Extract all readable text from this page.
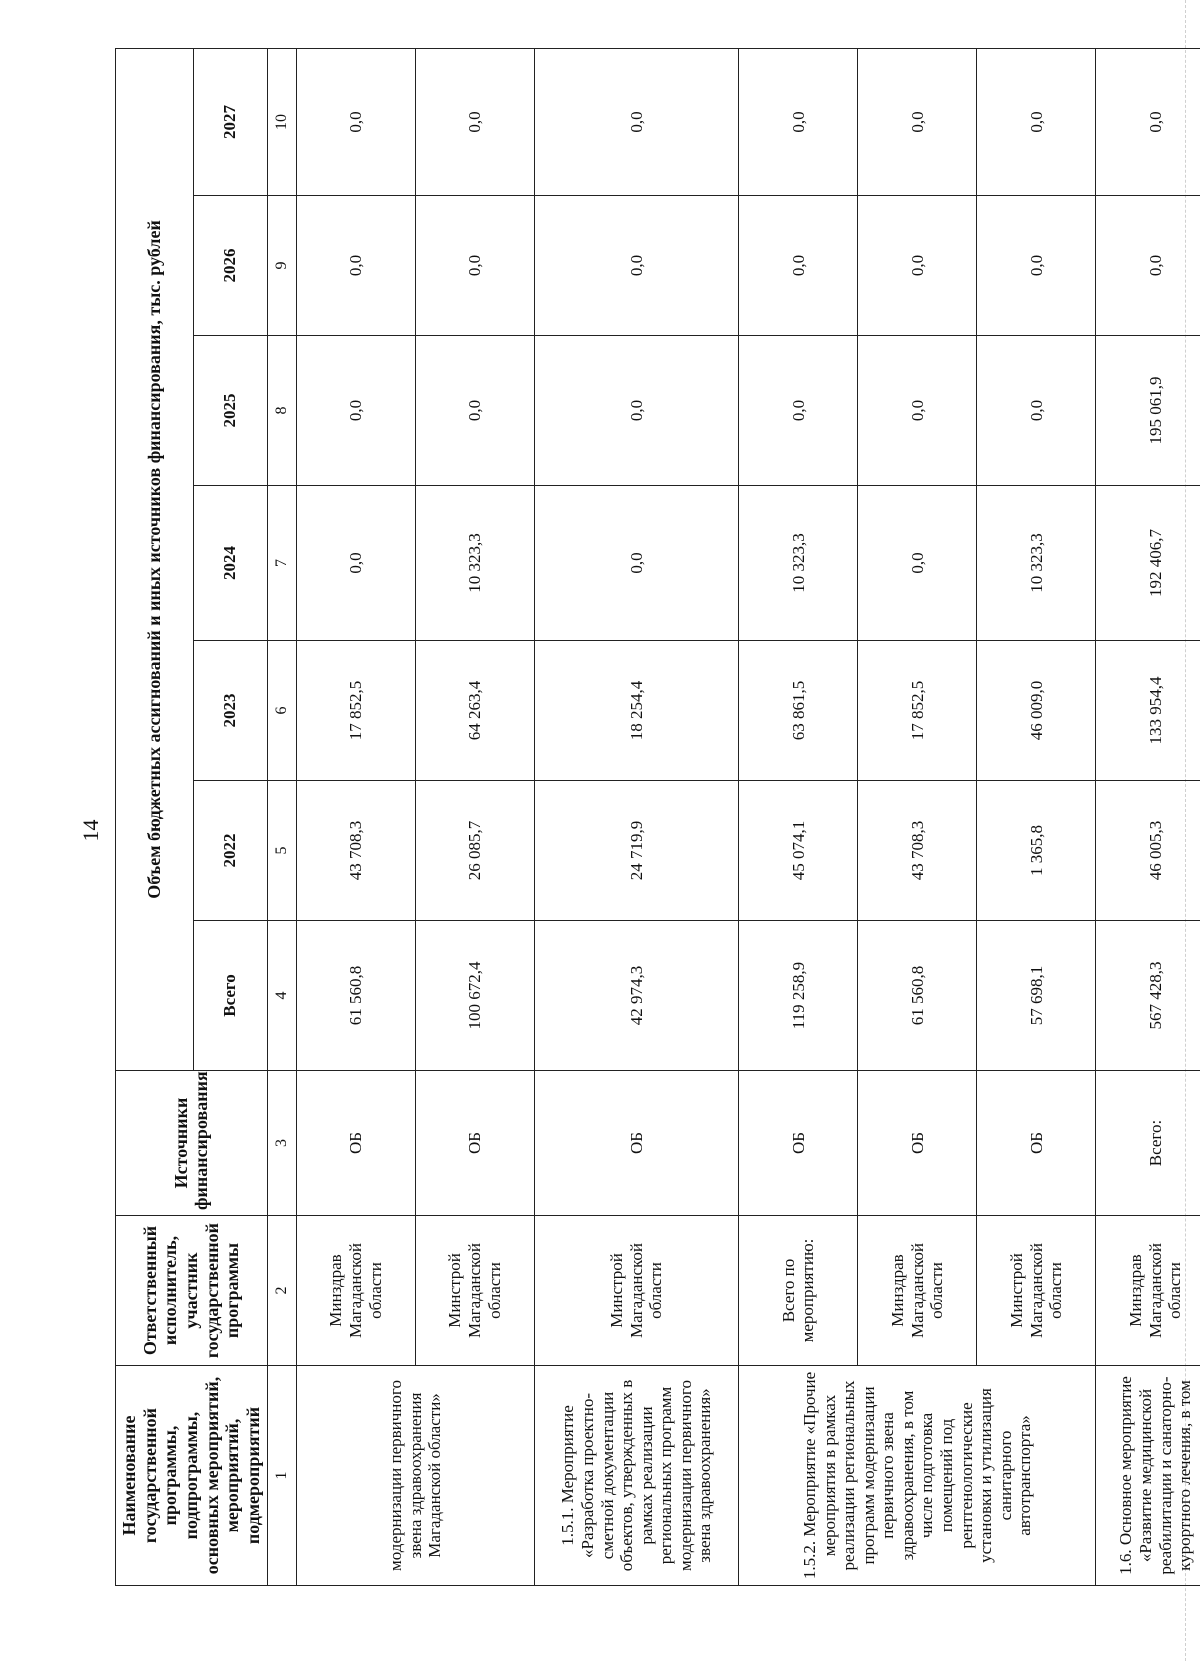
14
Наименование государственной программы, подпрограммы, основных мероприятий, мероприятий, подмероприятий	Ответственный исполнитель, участник государственной программы	Источники финансирования	Объем бюджетных ассигнований и иных источников финансирования, тыс. рублей						
			Всего	2022	2023	2024	2025	2026	2027
1	2	3	4	5	6	7	8	9	10
модернизации первичного звена здравоохранения Магаданской области»	Минздрав Магаданской области	ОБ	61 560,8	43 708,3	17 852,5	0,0	0,0	0,0	0,0
	Минстрой Магаданской области	ОБ	100 672,4	26 085,7	64 263,4	10 323,3	0,0	0,0	0,0
1.5.1. Мероприятие «Разработка проектно-сметной документации объектов, утвержденных в рамках реализации региональных программ модернизации первичного звена здравоохранения»	Минстрой Магаданской области	ОБ	42 974,3	24 719,9	18 254,4	0,0	0,0	0,0	0,0
1.5.2. Мероприятие «Прочие мероприятия в рамках реализации региональных программ модернизации первичного звена здравоохранения, в том числе подготовка помещений под рентгенологические установки и утилизация санитарного автотранспорта»	Всего по мероприятию:	ОБ	119 258,9	45 074,1	63 861,5	10 323,3	0,0	0,0	0,0
	Минздрав Магаданской области	ОБ	61 560,8	43 708,3	17 852,5	0,0	0,0	0,0	0,0
	Минстрой Магаданской области	ОБ	57 698,1	1 365,8	46 009,0	10 323,3	0,0	0,0	0,0
1.6. Основное мероприятие «Развитие медицинской реабилитации и санаторно-курортного лечения, в том	Минздрав Магаданской области	Всего:	567 428,3	46 005,3	133 954,4	192 406,7	195 061,9	0,0	0,0
